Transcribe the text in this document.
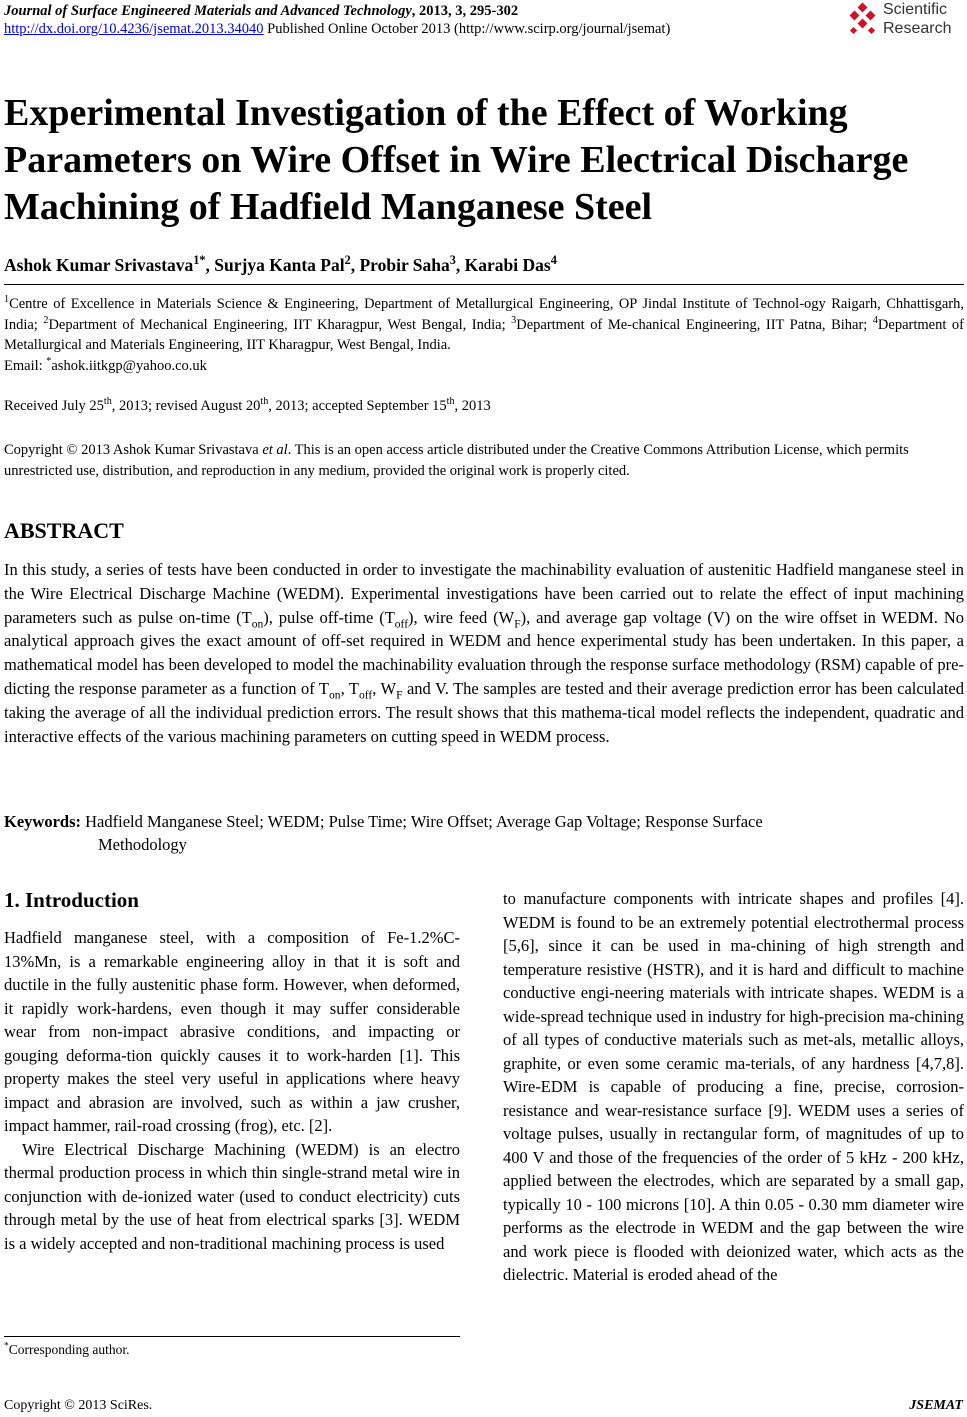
Journal of Surface Engineered Materials and Advanced Technology, 2013, 3, 295-302
http://dx.doi.org/10.4236/jsemat.2013.34040 Published Online October 2013 (http://www.scirp.org/journal/jsemat)
Scientific
Research
Experimental Investigation of the Effect of Working Parameters on Wire Offset in Wire Electrical Discharge Machining of Hadfield Manganese Steel
Ashok Kumar Srivastava$^{1*}$, Surjya Kanta Pal$^2$, Probir Saha$^3$, Karabi Das$^4$
$^1$Centre of Excellence in Materials Science & Engineering, Department of Metallurgical Engineering, OP Jindal Institute of Technol-ogy Raigarh, Chhattisgarh, India; $^2$Department of Mechanical Engineering, IIT Kharagpur, West Bengal, India; $^3$Department of Me-chanical Engineering, IIT Patna, Bihar; $^4$Department of Metallurgical and Materials Engineering, IIT Kharagpur, West Bengal, India.
Email: *ashok.iitkgp@yahoo.co.uk
Received July 25th, 2013; revised August 20th, 2013; accepted September 15th, 2013
Copyright © 2013 Ashok Kumar Srivastava et al. This is an open access article distributed under the Creative Commons Attribution License, which permits unrestricted use, distribution, and reproduction in any medium, provided the original work is properly cited.
ABSTRACT
In this study, a series of tests have been conducted in order to investigate the machinability evaluation of austenitic Hadfield manganese steel in the Wire Electrical Discharge Machine (WEDM). Experimental investigations have been carried out to relate the effect of input machining parameters such as pulse on-time $(T_{on})$, pulse off-time $(T_{off})$, wire feed $(W_F)$, and average gap voltage (V) on the wire offset in WEDM. No analytical approach gives the exact amount of off-set required in WEDM and hence experimental study has been undertaken. In this paper, a mathematical model has been developed to model the machinability evaluation through the response surface methodology (RSM) capable of pre-dicting the response parameter as a function of $T_{on}$, $T_{off}$, $W_F$ and V. The samples are tested and their average prediction error has been calculated taking the average of all the individual prediction errors. The result shows that this mathema-tical model reflects the independent, quadratic and interactive effects of the various machining parameters on cutting speed in WEDM process.
Keywords: Hadfield Manganese Steel; WEDM; Pulse Time; Wire Offset; Average Gap Voltage; Response Surface
Methodology
1. Introduction

Hadfield manganese steel, with a composition of Fe-1.2%C-13%Mn, is a remarkable engineering alloy in that it is soft and ductile in the fully austenitic phase form. However, when deformed, it rapidly work-hardens, even though it may suffer considerable wear from non-impact abrasive conditions, and impacting or gouging deforma-tion quickly causes it to work-harden [1]. This property makes the steel very useful in applications where heavy impact and abrasion are involved, such as within a jaw crusher, impact hammer, rail-road crossing (frog), etc. [2].

Wire Electrical Discharge Machining (WEDM) is an electro thermal production process in which thin single-strand metal wire in conjunction with de-ionized water (used to conduct electricity) cuts through metal by the use of heat from electrical sparks [3]. WEDM is a widely accepted and non-traditional machining process is used

to manufacture components with intricate shapes and profiles [4]. WEDM is found to be an extremely potential electrothermal process [5,6], since it can be used in ma-chining of high strength and temperature resistive (HSTR), and it is hard and difficult to machine conductive engi-neering materials with intricate shapes. WEDM is a wide-spread technique used in industry for high-precision ma-chining of all types of conductive materials such as met-als, metallic alloys, graphite, or even some ceramic ma-terials, of any hardness [4,7,8]. Wire-EDM is capable of producing a fine, precise, corrosion-resistance and wear-resistance surface [9]. WEDM uses a series of voltage pulses, usually in rectangular form, of magnitudes of up to 400 V and those of the frequencies of the order of 5 kHz - 200 kHz, applied between the electrodes, which are separated by a small gap, typically 10 - 100 microns [10]. A thin 0.05 - 0.30 mm diameter wire performs as the electrode in WEDM and the gap between the wire and work piece is flooded with deionized water, which acts as the dielectric. Material is eroded ahead of the

*Corresponding author.
Copyright © 2013 SciRes.	JSEMAT
